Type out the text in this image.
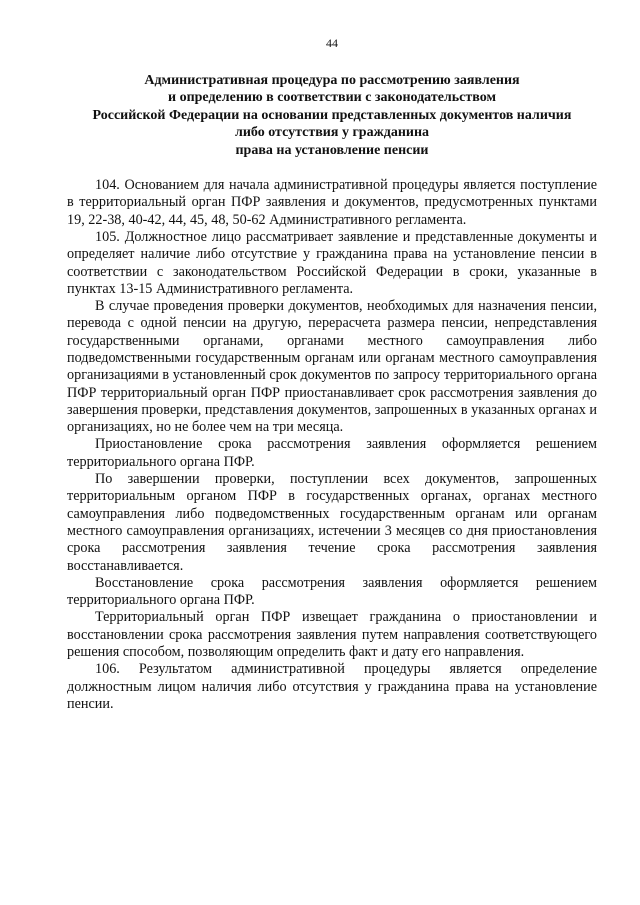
44
Административная процедура по рассмотрению заявления
и определению в соответствии с законодательством
Российской Федерации на основании представленных документов наличия
либо отсутствия у гражданина
права на установление пенсии

104. Основанием для начала административной процедуры является поступление в территориальный орган ПФР заявления и документов, предусмотренных пунктами 19, 22-38, 40-42, 44, 45, 48, 50-62 Административного регламента.

105. Должностное лицо рассматривает заявление и представленные документы и определяет наличие либо отсутствие у гражданина права на установление пенсии в соответствии с законодательством Российской Федерации в сроки, указанные в пунктах 13-15 Административного регламента.

В случае проведения проверки документов, необходимых для назначения пенсии, перевода с одной пенсии на другую, перерасчета размера пенсии, непредставления государственными органами, органами местного самоуправления либо подведомственными государственным органам или органам местного самоуправления организациями в установленный срок документов по запросу территориального органа ПФР территориальный орган ПФР приостанавливает срок рассмотрения заявления до завершения проверки, представления документов, запрошенных в указанных органах и организациях, но не более чем на три месяца.

Приостановление срока рассмотрения заявления оформляется решением территориального органа ПФР.

По завершении проверки, поступлении всех документов, запрошенных территориальным органом ПФР в государственных органах, органах местного самоуправления либо подведомственных государственным органам или органам местного самоуправления организациях, истечении 3 месяцев со дня приостановления срока рассмотрения заявления течение срока рассмотрения заявления восстанавливается.

Восстановление срока рассмотрения заявления оформляется решением территориального органа ПФР.

Территориальный орган ПФР извещает гражданина о приостановлении и восстановлении срока рассмотрения заявления путем направления соответствующего решения способом, позволяющим определить факт и дату его направления.

106. Результатом административной процедуры является определение должностным лицом наличия либо отсутствия у гражданина права на установление пенсии.
